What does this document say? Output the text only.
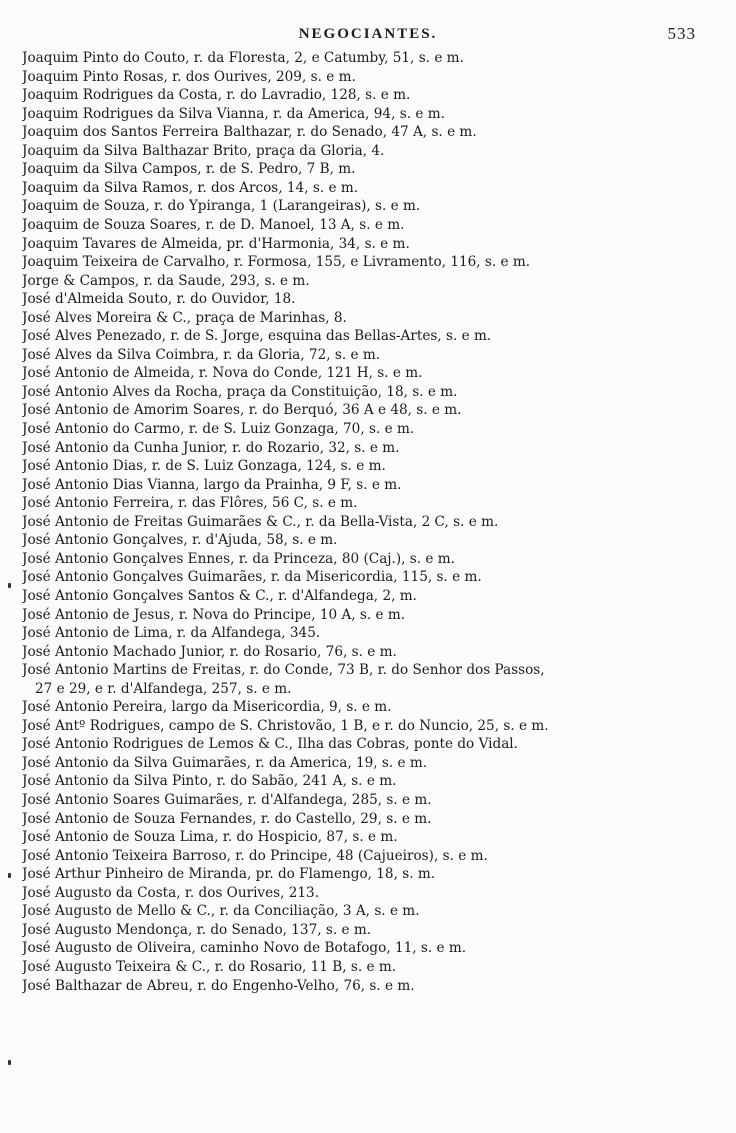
NEGOCIANTES.	533
Joaquim Pinto do Couto, r. da Floresta, 2, e Catumby, 51, s. e m.
Joaquim Pinto Rosas, r. dos Ourives, 209, s. e m.
Joaquim Rodrigues da Costa, r. do Lavradio, 128, s. e m.
Joaquim Rodrigues da Silva Vianna, r. da America, 94, s. e m.
Joaquim dos Santos Ferreira Balthazar, r. do Senado, 47 A, s. e m.
Joaquim da Silva Balthazar Brito, praça da Gloria, 4.
Joaquim da Silva Campos, r. de S. Pedro, 7 B, m.
Joaquim da Silva Ramos, r. dos Arcos, 14, s. e m.
Joaquim de Souza, r. do Ypiranga, 1 (Larangeiras), s. e m.
Joaquim de Souza Soares, r. de D. Manoel, 13 A, s. e m.
Joaquim Tavares de Almeida, pr. d'Harmonia, 34, s. e m.
Joaquim Teixeira de Carvalho, r. Formosa, 155, e Livramento, 116, s. e m.
Jorge & Campos, r. da Saude, 293, s. e m.
José d'Almeida Souto, r. do Ouvidor, 18.
José Alves Moreira & C., praça de Marinhas, 8.
José Alves Penezado, r. de S. Jorge, esquina das Bellas-Artes, s. e m.
José Alves da Silva Coimbra, r. da Gloria, 72, s. e m.
José Antonio de Almeida, r. Nova do Conde, 121 H, s. e m.
José Antonio Alves da Rocha, praça da Constituição, 18, s. e m.
José Antonio de Amorim Soares, r. do Berquó, 36 A e 48, s. e m.
José Antonio do Carmo, r. de S. Luiz Gonzaga, 70, s. e m.
José Antonio da Cunha Junior, r. do Rozario, 32, s. e m.
José Antonio Dias, r. de S. Luiz Gonzaga, 124, s. e m.
José Antonio Dias Vianna, largo da Prainha, 9 F, s. e m.
José Antonio Ferreira, r. das Flôres, 56 C, s. e m.
José Antonio de Freitas Guimarães & C., r. da Bella-Vista, 2 C, s. e m.
José Antonio Gonçalves, r. d'Ajuda, 58, s. e m.
José Antonio Gonçalves Ennes, r. da Princeza, 80 (Caj.), s. e m.
José Antonio Gonçalves Guimarães, r. da Misericordia, 115, s. e m.
José Antonio Gonçalves Santos & C., r. d'Alfandega, 2, m.
José Antonio de Jesus, r. Nova do Principe, 10 A, s. e m.
José Antonio de Lima, r. da Alfandega, 345.
José Antonio Machado Junior, r. do Rosario, 76, s. e m.
José Antonio Martins de Freitas, r. do Conde, 73 B, r. do Senhor dos Passos,
27 e 29, e r. d'Alfandega, 257, s. e m.
José Antonio Pereira, largo da Misericordia, 9, s. e m.
José Antº Rodrigues, campo de S. Christovão, 1 B, e r. do Nuncio, 25, s. e m.
José Antonio Rodrigues de Lemos & C., Ilha das Cobras, ponte do Vidal.
José Antonio da Silva Guimarães, r. da America, 19, s. e m.
José Antonio da Silva Pinto, r. do Sabão, 241 A, s. e m.
José Antonio Soares Guimarães, r. d'Alfandega, 285, s. e m.
José Antonio de Souza Fernandes, r. do Castello, 29, s. e m.
José Antonio de Souza Lima, r. do Hospicio, 87, s. e m.
José Antonio Teixeira Barroso, r. do Principe, 48 (Cajueiros), s. e m.
José Arthur Pinheiro de Miranda, pr. do Flamengo, 18, s. m.
José Augusto da Costa, r. dos Ourives, 213.
José Augusto de Mello & C., r. da Conciliação, 3 A, s. e m.
José Augusto Mendonça, r. do Senado, 137, s. e m.
José Augusto de Oliveira, caminho Novo de Botafogo, 11, s. e m.
José Augusto Teixeira & C., r. do Rosario, 11 B, s. e m.
José Balthazar de Abreu, r. do Engenho-Velho, 76, s. e m.
